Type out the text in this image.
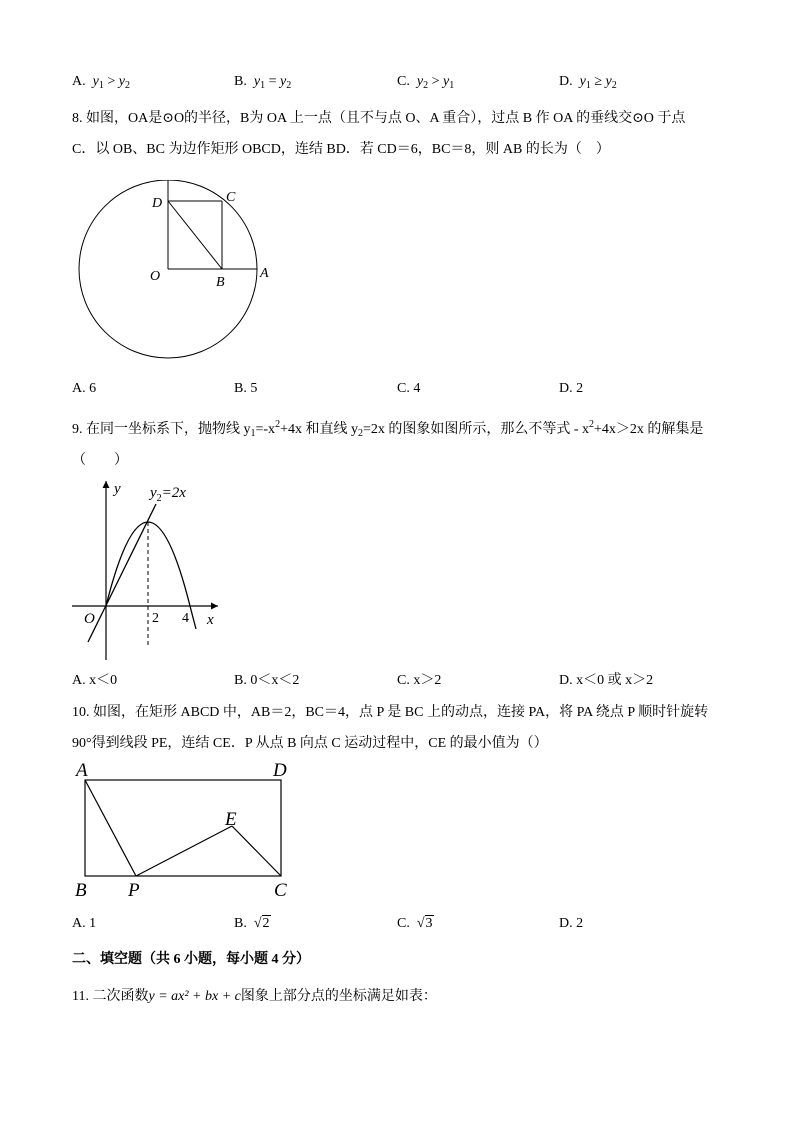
A. $y_1 > y_2$	B. $y_1 = y_2$	C. $y_2 > y_1$	D. $y_1 \ge y_2$
8. 如图，OA是⊙O的半径，B为 OA 上一点（且不与点 O、A 重合），过点 B 作 OA 的垂线交⊙O 于点
C．以 OB、BC 为边作矩形 OBCD，连结 BD．若 CD＝6，BC＝8，则 AB 的长为（　）
D	C
O	B
A
A. 6	B. 5	C. 4	D. 2
9. 在同一坐标系下，抛物线 $y_1=-x^2+4x$ 和直线 $y_2=2x$ 的图象如图所示，那么不等式 - $x^2+4x>2x$ 的解集是
（　　）
y $y_2=2x$
O	2 4 x
A. x＜0	B. 0＜x＜2	C. x＞2	D. x＜0 或 x＞2
10. 如图，在矩形 ABCD 中，AB＝2，BC＝4，点 P 是 BC 上的动点，连接 PA，将 PA 绕点 P 顺时针旋转
90°得到线段 PE，连结 CE．P 从点 B 向点 C 运动过程中，CE 的最小值为（）
A	D
E
B P	C
A. 1	B. √2	C. √3	D. 2
二、填空题（共 6 小题，每小题 4 分）
11. 二次函数y = ax² + bx + c图象上部分点的坐标满足如表：
